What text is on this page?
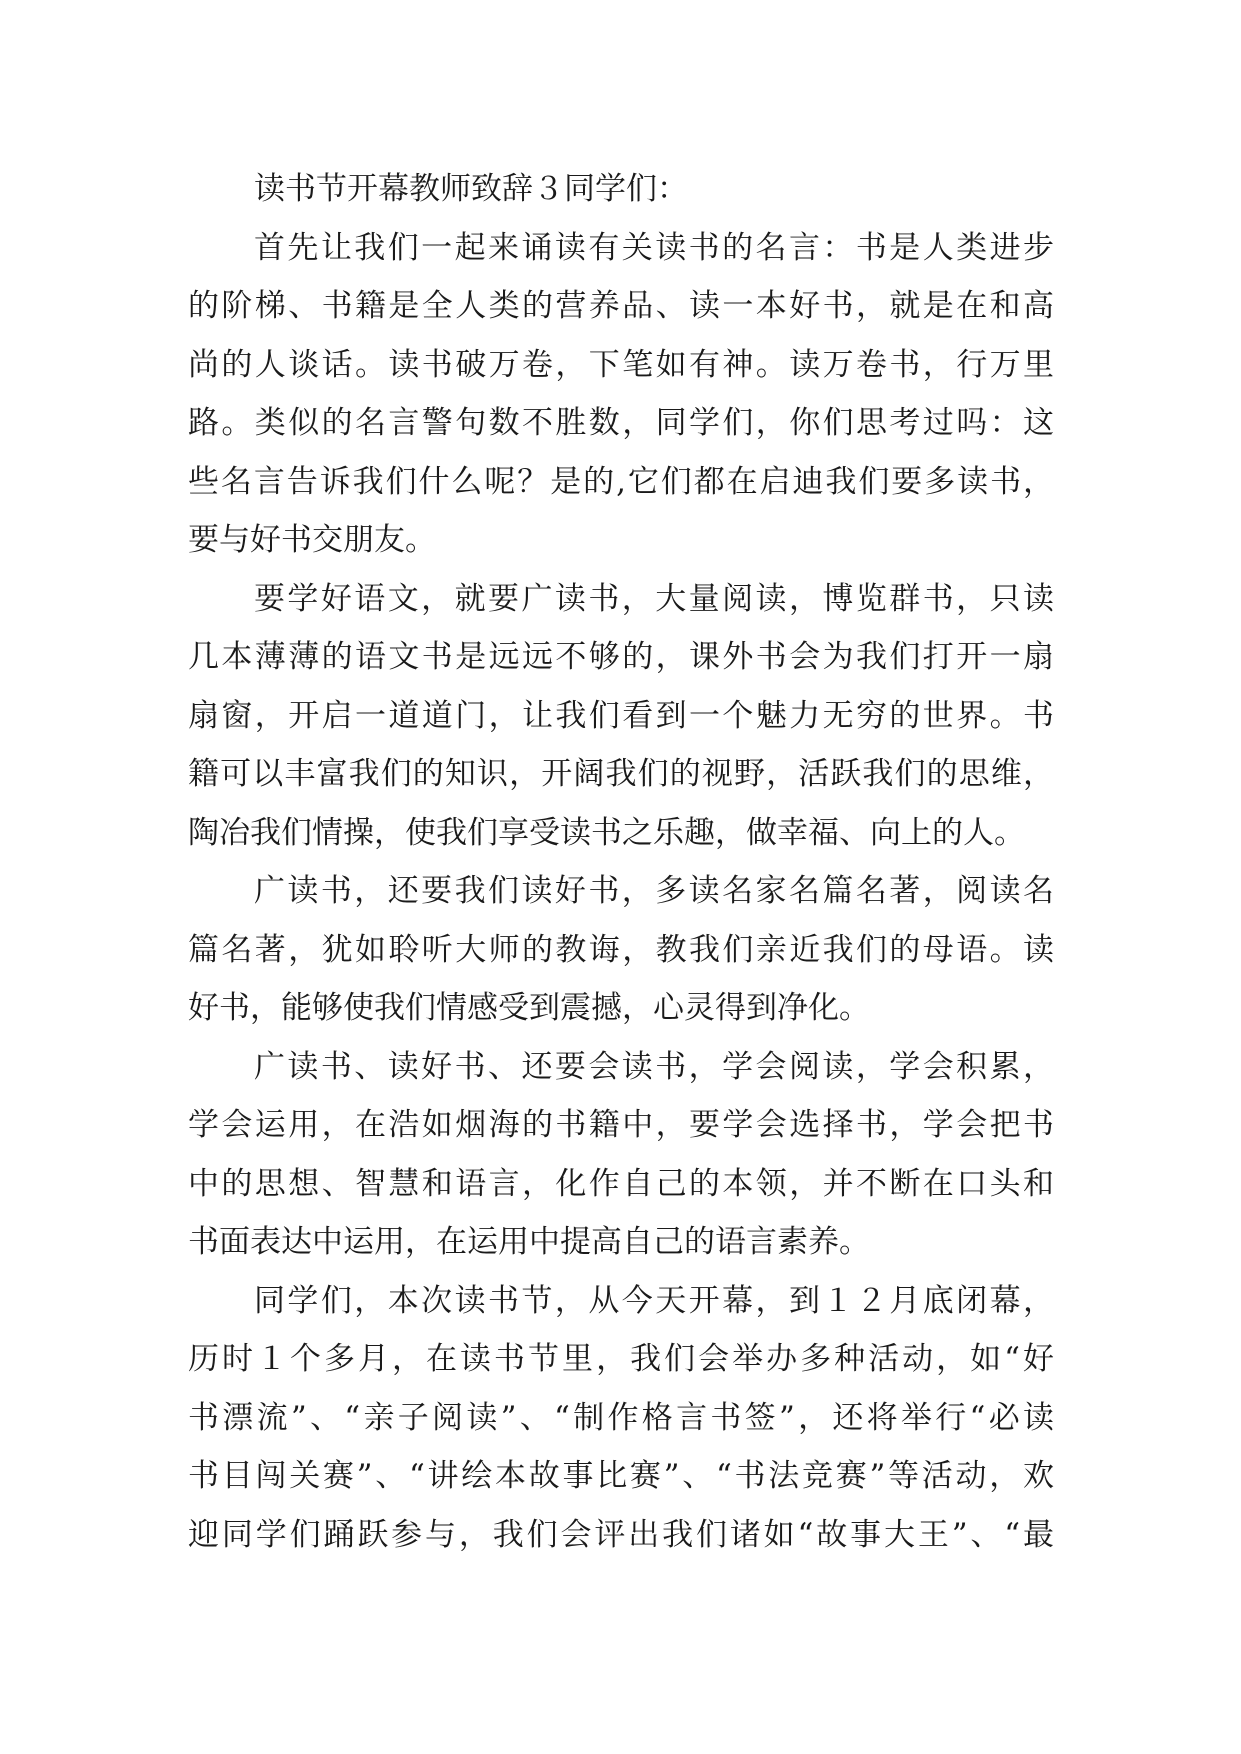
读书节开幕教师致辞３同学们：
首先让我们一起来诵读有关读书的名言：书是人类进步
的阶梯、书籍是全人类的营养品、读一本好书，就是在和高
尚的人谈话。读书破万卷，下笔如有神。读万卷书，行万里
路。类似的名言警句数不胜数，同学们，你们思考过吗：这
些名言告诉我们什么呢？是的,它们都在启迪我们要多读书，
要与好书交朋友。
要学好语文，就要广读书，大量阅读，博览群书，只读
几本薄薄的语文书是远远不够的，课外书会为我们打开一扇
扇窗，开启一道道门，让我们看到一个魅力无穷的世界。书
籍可以丰富我们的知识，开阔我们的视野，活跃我们的思维，
陶冶我们情操，使我们享受读书之乐趣，做幸福、向上的人。
广读书，还要我们读好书，多读名家名篇名著，阅读名
篇名著，犹如聆听大师的教诲，教我们亲近我们的母语。读
好书，能够使我们情感受到震撼，心灵得到净化。
广读书、读好书、还要会读书，学会阅读，学会积累，
学会运用，在浩如烟海的书籍中，要学会选择书，学会把书
中的思想、智慧和语言，化作自己的本领，并不断在口头和
书面表达中运用，在运用中提高自己的语言素养。
同学们，本次读书节，从今天开幕，到１２月底闭幕，
历时１个多月，在读书节里，我们会举办多种活动，如“好
书漂流”、“亲子阅读”、“制作格言书签”，还将举行“必读
书目闯关赛”、“讲绘本故事比赛”、“书法竞赛”等活动，欢
迎同学们踊跃参与，我们会评出我们诸如“故事大王”、“最
